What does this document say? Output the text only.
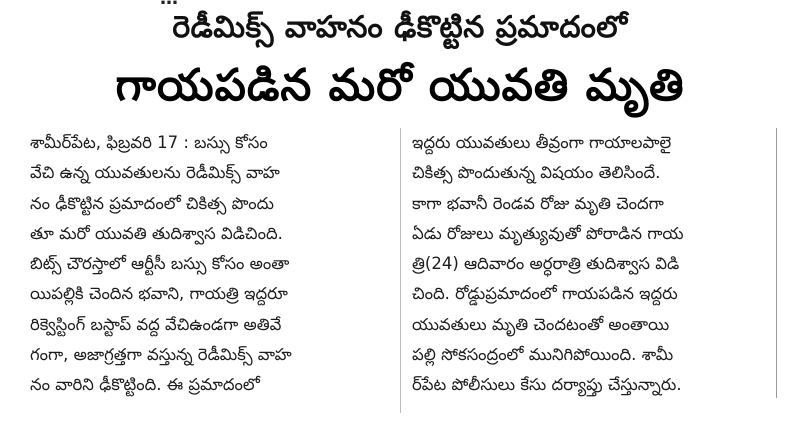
రెడీమిక్స్ వాహనం ఢీకొట్టిన ప్రమాదంలో
గాయపడిన మరో యువతి మృతి
శామీర్‌పేట, ఫిబ్రవరి 17 : బస్సు కోసం
వేచి ఉన్న యువతులను రెడీమిక్స్ వాహ
నం ఢీకొట్టిన ప్రమాదంలో చికిత్స పొందు
తూ మరో యువతి తుదిశ్వాస విడిచింది.
బిట్స్ చౌరస్తాలో ఆర్టీసీ బస్సు కోసం అంతా
యిపల్లికి చెందిన భవాని, గాయత్రి ఇద్దరూ
రిక్వెస్టింగ్ బస్టాప్ వద్ద వేచిఉండగా అతివే
గంగా, అజాగ్రత్తగా వస్తున్న రెడీమిక్స్ వాహ
నం వారిని ఢీకొట్టింది. ఈ ప్రమాదంలో
ఇద్దరు యువతులు తీవ్రంగా గాయాలపాలై
చికిత్స పొందుతున్న విషయం తెలిసిందే.
కాగా భవానీ రెండవ రోజు మృతి చెందగా
ఏడు రోజులు మృత్యువుతో పోరాడిన గాయ
త్రి(24) ఆదివారం అర్ధరాత్రి తుదిశ్వాస విడి
చింది. రోడ్డుప్రమాదంలో గాయపడిన ఇద్దరు
యువతులు మృతి చెందటంతో అంతాయి
పల్లి సోకసంద్రంలో మునిగిపోయింది. శామీ
ర్‌పేట పోలీసులు కేసు దర్యాప్తు చేస్తున్నారు.
